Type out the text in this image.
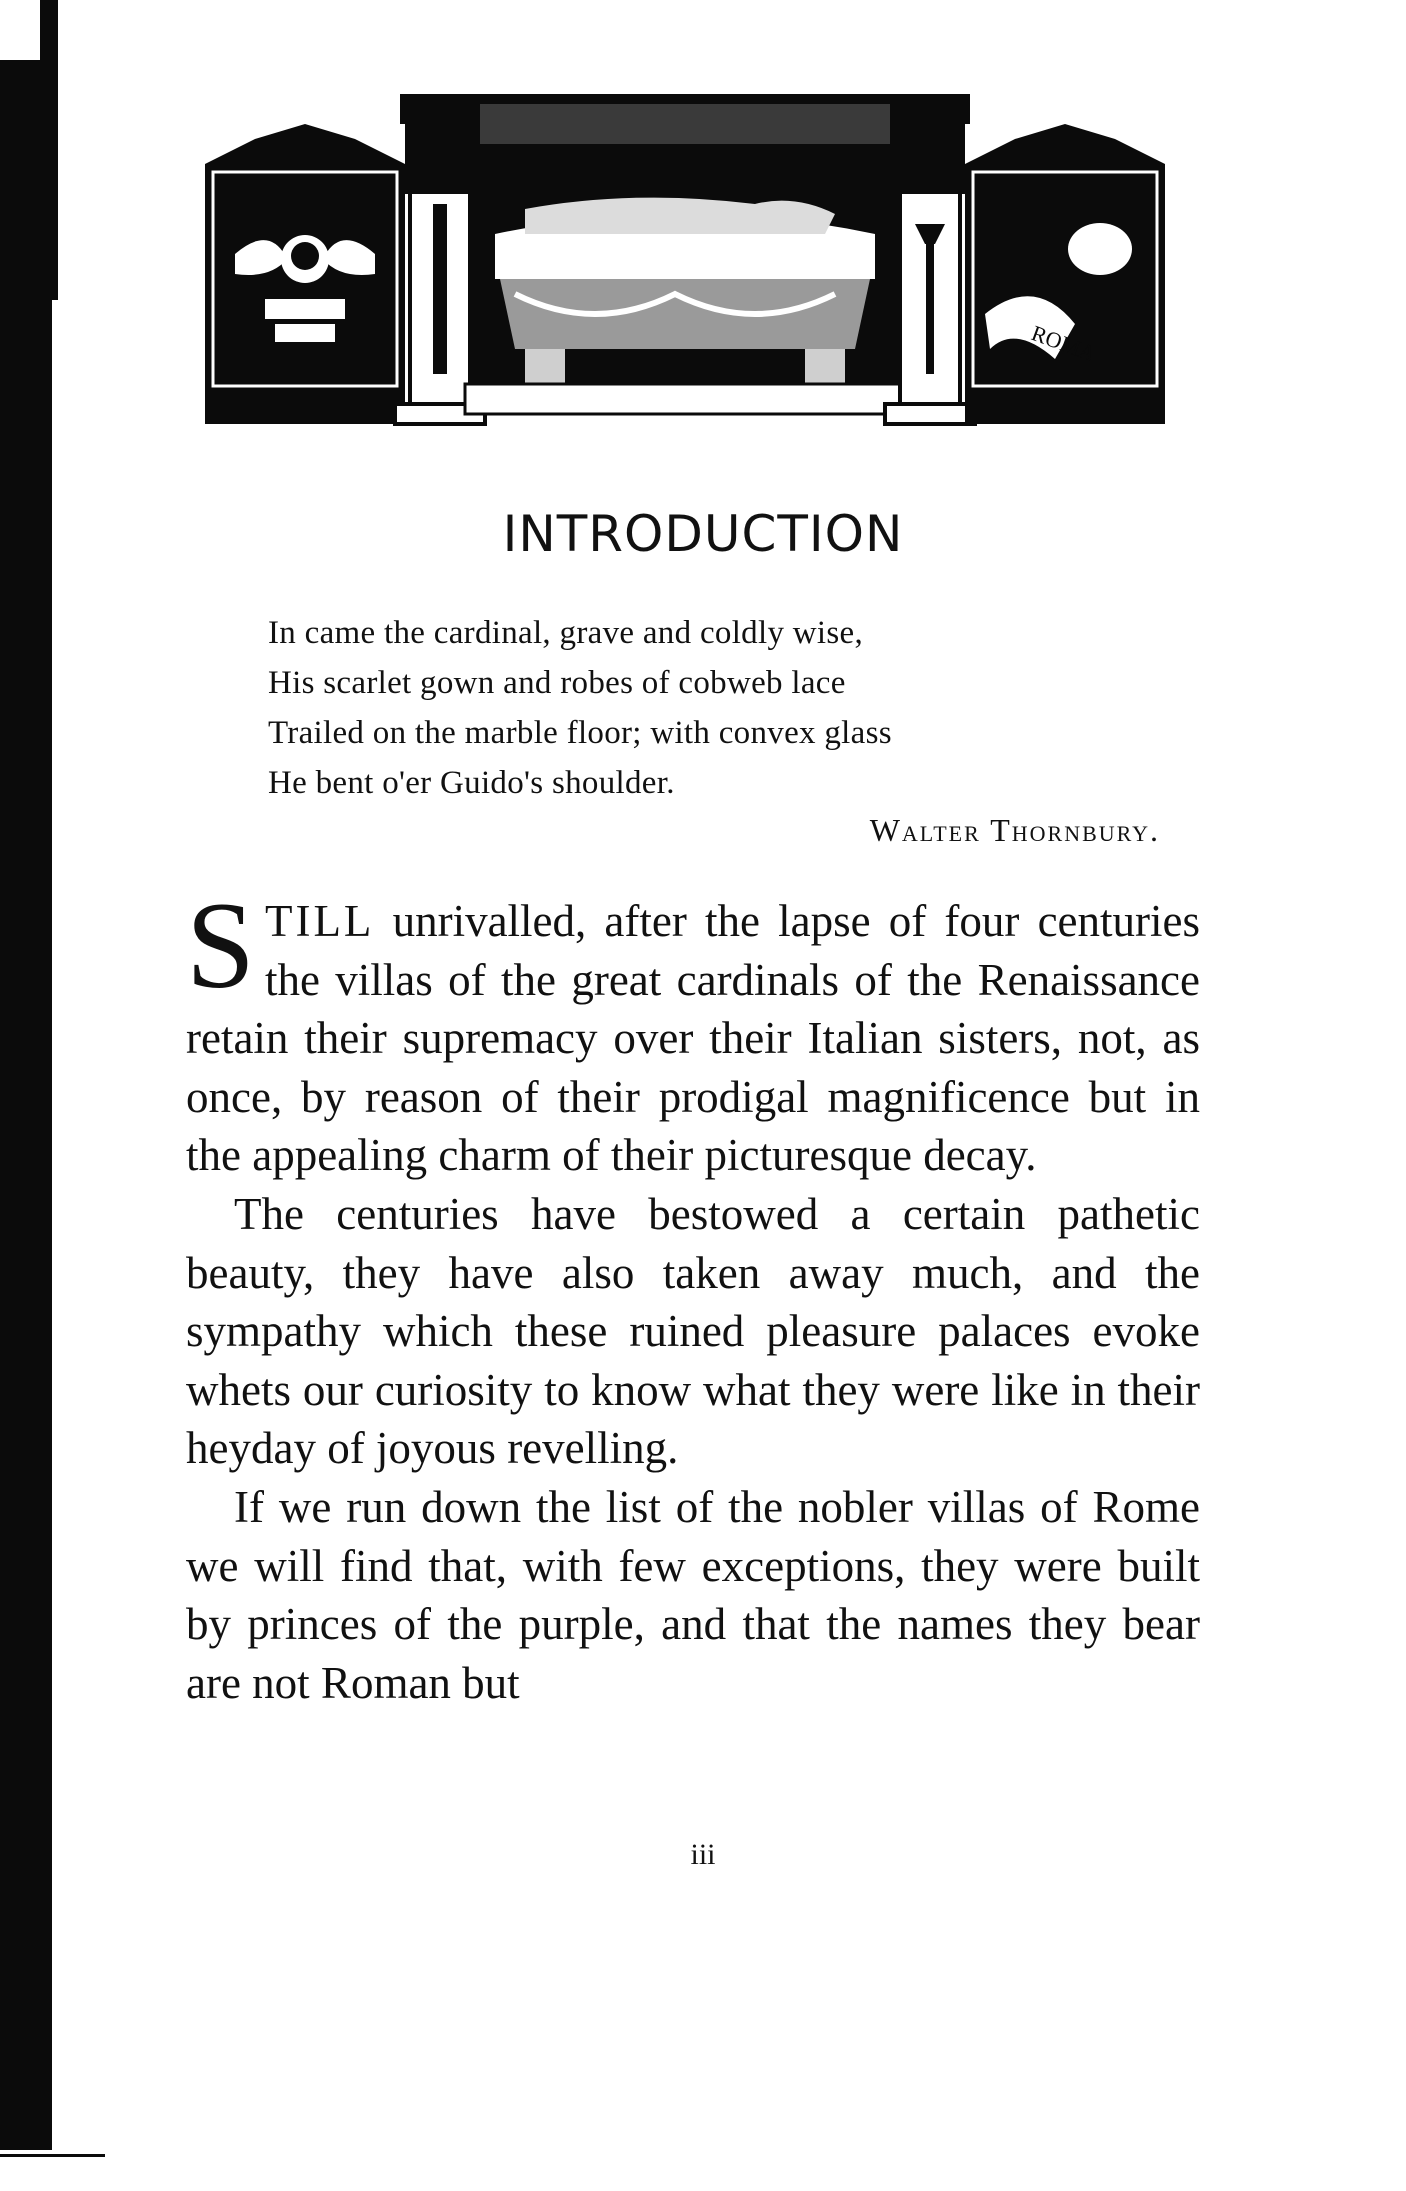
ROMA
INTRODUCTION
In came the cardinal, grave and coldly wise,
His scarlet gown and robes of cobweb lace
Trailed on the marble floor; with convex glass
He bent o'er Guido's shoulder.
Walter Thornbury.

STILL unrivalled, after the lapse of four centuries the villas of the great cardinals of the Renaissance retain their supremacy over their Italian sisters, not, as once, by reason of their prodigal magnificence but in the appealing charm of their picturesque decay.

The centuries have bestowed a certain pathetic beauty, they have also taken away much, and the sympathy which these ruined pleasure palaces evoke whets our curiosity to know what they were like in their heyday of joyous revelling.

If we run down the list of the nobler villas of Rome we will find that, with few exceptions, they were built by princes of the purple, and that the names they bear are not Roman but

iii
